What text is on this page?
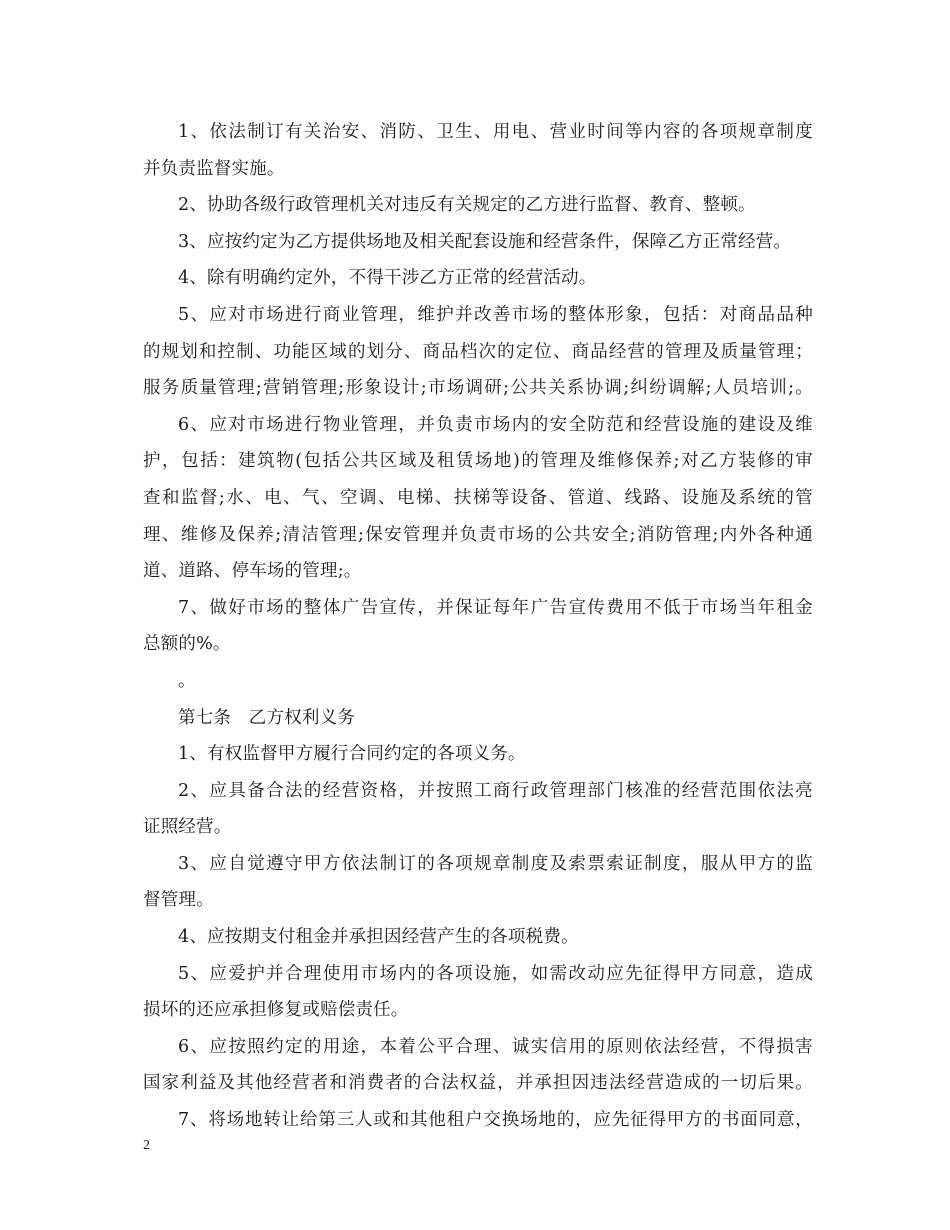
1、依法制订有关治安、消防、卫生、用电、营业时间等内容的各项规章制度
并负责监督实施。
2、协助各级行政管理机关对违反有关规定的乙方进行监督、教育、整顿。
3、应按约定为乙方提供场地及相关配套设施和经营条件，保障乙方正常经营。
4、除有明确约定外，不得干涉乙方正常的经营活动。
5、应对市场进行商业管理，维护并改善市场的整体形象，包括：对商品品种
的规划和控制、功能区域的划分、商品档次的定位、商品经营的管理及质量管理；
服务质量管理;营销管理;形象设计;市场调研;公共关系协调;纠纷调解;人员培训;。
6、应对市场进行物业管理，并负责市场内的安全防范和经营设施的建设及维
护，包括：建筑物(包括公共区域及租赁场地)的管理及维修保养;对乙方装修的审
查和监督;水、电、气、空调、电梯、扶梯等设备、管道、线路、设施及系统的管
理、维修及保养;清洁管理;保安管理并负责市场的公共安全;消防管理;内外各种通
道、道路、停车场的管理;。
7、做好市场的整体广告宣传，并保证每年广告宣传费用不低于市场当年租金
总额的%。
。
第七条　乙方权利义务
1、有权监督甲方履行合同约定的各项义务。
2、应具备合法的经营资格，并按照工商行政管理部门核准的经营范围依法亮
证照经营。
3、应自觉遵守甲方依法制订的各项规章制度及索票索证制度，服从甲方的监
督管理。
4、应按期支付租金并承担因经营产生的各项税费。
5、应爱护并合理使用市场内的各项设施，如需改动应先征得甲方同意，造成
损坏的还应承担修复或赔偿责任。
6、应按照约定的用途，本着公平合理、诚实信用的原则依法经营，不得损害
国家利益及其他经营者和消费者的合法权益，并承担因违法经营造成的一切后果。
7、将场地转让给第三人或和其他租户交换场地的，应先征得甲方的书面同意，
2
